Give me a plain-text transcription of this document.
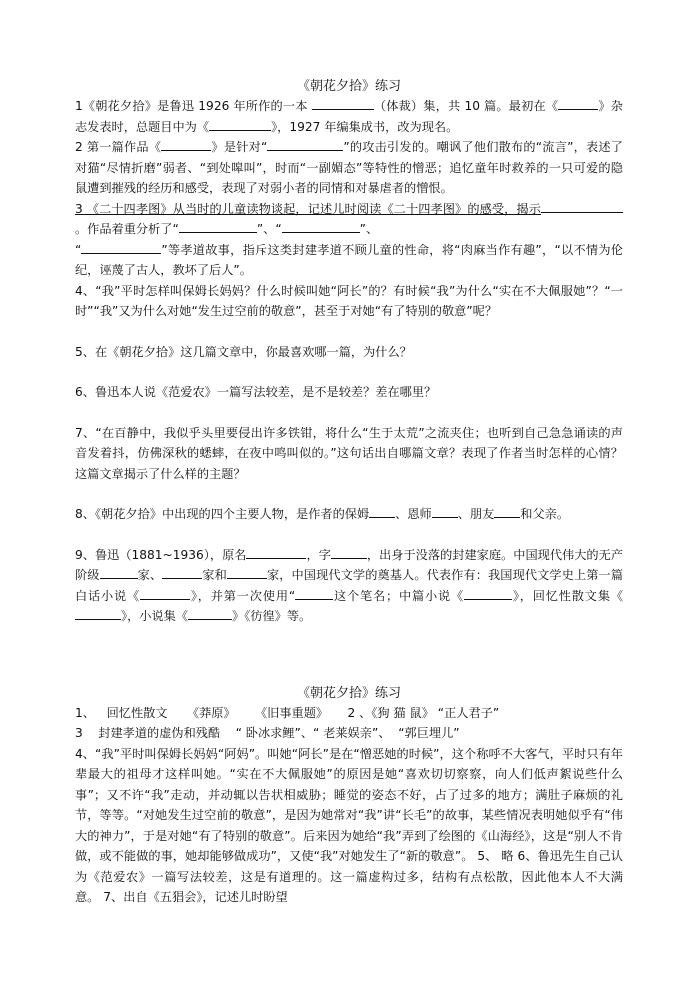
《朝花夕拾》练习

1《朝花夕拾》是鲁迅 1926 年所作的一本	（体裁）集，共 10 篇。最初在《	》杂志发表时，总题目中为《	》，1927 年编集成书，改为现名。

2 第一篇作品《	》是针对“	”的攻击引发的。嘲讽了他们散布的“流言”，表述了对猫“尽情折磨”弱者、“到处嗥叫”，时而“一副媚态”等特性的憎恶；追忆童年时救养的一只可爱的隐鼠遭到摧残的经历和感受，表现了对弱小者的同情和对暴虐者的憎恨。

3 《二十四孝图》从当时的儿童读物谈起，记述儿时阅读《二十四孝图》的感受，揭示。作品着重分析了“	”、“	”、
“	”等孝道故事，指斥这类封建孝道不顾儿童的性命，将“肉麻当作有趣”，“以不情为伦纪，诬蔑了古人，教坏了后人”。

4、“我”平时怎样叫保姆长妈妈？什么时候叫她“阿长”的？有时候“我”为什么“实在不大佩服她”？“一时”“我”又为什么对她“发生过空前的敬意”，甚至于对她“有了特别的敬意”呢？

5、在《朝花夕拾》这几篇文章中，你最喜欢哪一篇，为什么？

6、鲁迅本人说《范爱农》一篇写法较差，是不是较差？差在哪里？

7、“在百静中，我似乎头里要侵出许多铁钳，将什么“生于太荒”之流夹住；也听到自己急急诵读的声音发着抖，仿佛深秋的蟋蟀，在夜中鸣叫似的。”这句话出自哪篇文章？表现了作者当时怎样的心情？这篇文章揭示了什么样的主题？

8、《朝花夕拾》中出现的四个主要人物，是作者的保姆 、恩师 、朋友 和父亲。

9、鲁迅（1881~1936），原名	，字	，出身于没落的封建家庭。中国现代伟大的无产阶级	家、	家和	家，中国现代文学的奠基人。代表作有：我国现代文学史上第一篇白话小说《	》，并第一次使用“	这个笔名；中篇小说《	》，回忆性散文集《》，小说集《	》《彷徨》等。

《朝花夕拾》练习

1、   回忆性散文     《莽原》     《旧事重题》     2 、《狗 猫 鼠》 “正人君子”

3    封建孝道的虚伪和残酷    “ 卧冰求鲤”、“ 老莱娱亲”、  “郭巨埋儿”

4、“我”平时叫保姆长妈妈“阿妈”。叫她“阿长”是在“憎恶她的时候”，这个称呼不大客气，平时只有年辈最大的祖母才这样叫她。“实在不大佩服她”的原因是她“喜欢切切察察，向人们低声絮说些什么事”；又不许“我”走动，并动辄以告状相威胁；睡觉的姿态不好，占了过多的地方；满肚子麻烦的礼节，等等。“对她发生过空前的敬意”，是因为她常对“我”讲“长毛”的故事，某些情况表明她似乎有“伟大的神力”，于是对她“有了特别的敬意”。后来因为她给“我”弄到了绘图的《山海经》，这是“别人不肯做，或不能做的事，她却能够做成功”，又使“我”对她发生了“新的敬意”。 5、 略 6、鲁迅先生自己认为《范爱农》一篇写法较差，这是有道理的。这一篇虚构过多，结构有点松散，因此他本人不大满意。 7、出自《五猖会》，记述儿时盼望
